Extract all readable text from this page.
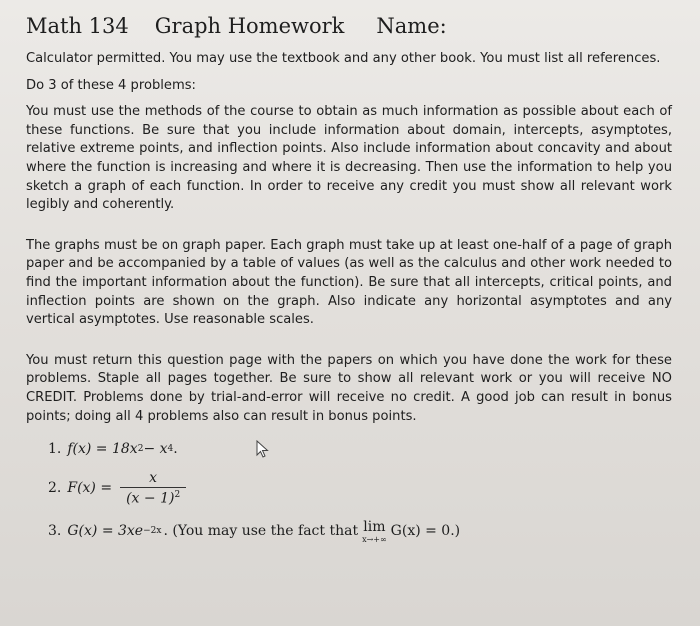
Math 134 Graph Homework Name:

Calculator permitted. You may use the textbook and any other book. You must list all references.

Do 3 of these 4 problems:

You must use the methods of the course to obtain as much information as possible about each of these functions. Be sure that you include information about domain, intercepts, asymptotes, relative extreme points, and inflection points. Also include information about concavity and about where the function is increasing and where it is decreasing. Then use the information to help you sketch a graph of each function. In order to receive any credit you must show all relevant work legibly and coherently.

The graphs must be on graph paper. Each graph must take up at least one-half of a page of graph paper and be accompanied by a table of values (as well as the calculus and other work needed to find the important information about the function). Be sure that all intercepts, critical points, and inflection points are shown on the graph. Also indicate any horizontal asymptotes and any vertical asymptotes. Use reasonable scales.

You must return this question page with the papers on which you have done the work for these problems. Staple all pages together. Be sure to show all relevant work or you will receive NO CREDIT. Problems done by trial-and-error will receive no credit. A good job can result in bonus points; doing all 4 problems also can result in bonus points.

1. f(x) = 18x 2 − x 4 .
2. $F(x) = \frac{x}{(x - 1)^2}$
3. G(x) = 3xe −2x . (You may use the fact that lim
x→+∞ G(x) = 0.)
